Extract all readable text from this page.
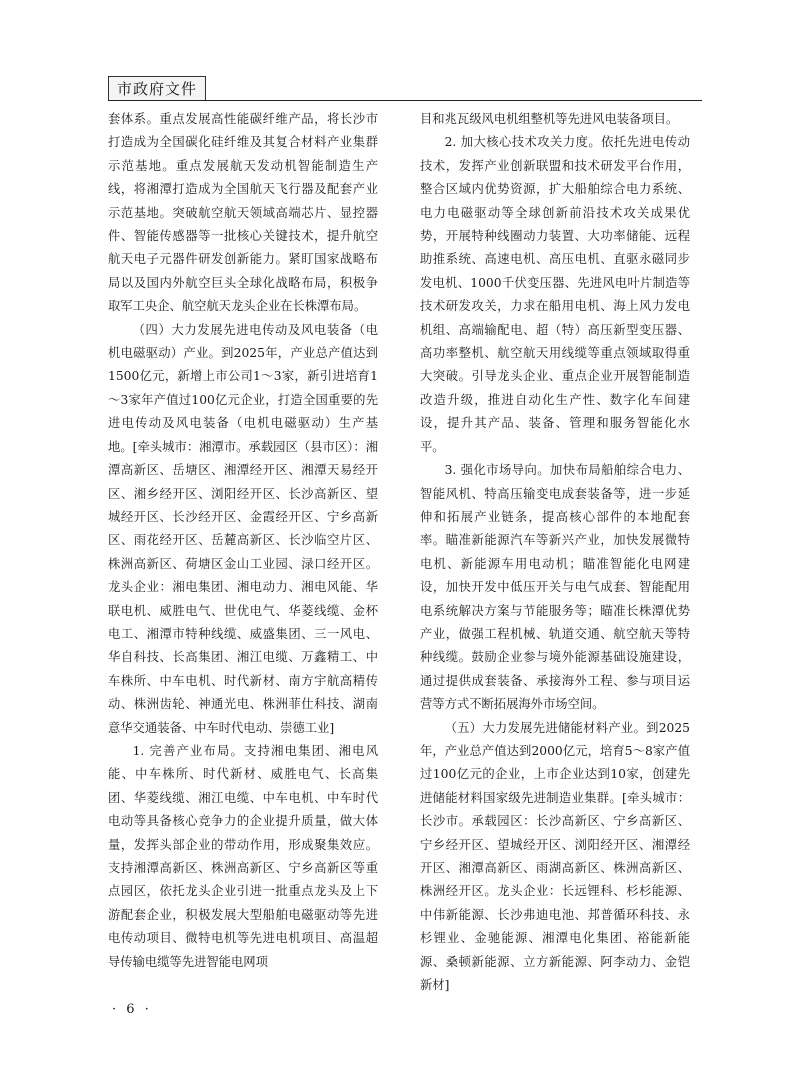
市政府文件

套体系。重点发展高性能碳纤维产品，将长沙市打造成为全国碳化硅纤维及其复合材料产业集群示范基地。重点发展航天发动机智能制造生产线，将湘潭打造成为全国航天飞行器及配套产业示范基地。突破航空航天领域高端芯片、显控器件、智能传感器等一批核心关键技术，提升航空航天电子元器件研发创新能力。紧盯国家战略布局以及国内外航空巨头全球化战略布局，积极争取军工央企、航空航天龙头企业在长株潭布局。

（四）大力发展先进电传动及风电装备（电机电磁驱动）产业。到2025年，产业总产值达到1500亿元，新增上市公司1～3家，新引进培育1～3家年产值过100亿元企业，打造全国重要的先进电传动及风电装备（电机电磁驱动）生产基地。[牵头城市：湘潭市。承载园区（县市区）：湘潭高新区、岳塘区、湘潭经开区、湘潭天易经开区、湘乡经开区、浏阳经开区、长沙高新区、望城经开区、长沙经开区、金霞经开区、宁乡高新区、雨花经开区、岳麓高新区、长沙临空片区、株洲高新区、荷塘区金山工业园、渌口经开区。龙头企业：湘电集团、湘电动力、湘电风能、华联电机、威胜电气、世优电气、华菱线缆、金杯电工、湘潭市特种线缆、威盛集团、三一风电、华自科技、长高集团、湘江电缆、万鑫精工、中车株所、中车电机、时代新材、南方宇航高精传动、株洲齿轮、神通光电、株洲菲仕科技、湖南意华交通装备、中车时代电动、崇德工业]

1. 完善产业布局。支持湘电集团、湘电风能、中车株所、时代新材、威胜电气、长高集团、华菱线缆、湘江电缆、中车电机、中车时代电动等具备核心竞争力的企业提升质量，做大体量，发挥头部企业的带动作用，形成聚集效应。支持湘潭高新区、株洲高新区、宁乡高新区等重点园区，依托龙头企业引进一批重点龙头及上下游配套企业，积极发展大型船舶电磁驱动等先进电传动项目、微特电机等先进电机项目、高温超导传输电缆等先进智能电网项

目和兆瓦级风电机组整机等先进风电装备项目。

2. 加大核心技术攻关力度。依托先进电传动技术，发挥产业创新联盟和技术研发平台作用，整合区域内优势资源，扩大船舶综合电力系统、电力电磁驱动等全球创新前沿技术攻关成果优势，开展特种线圈动力装置、大功率储能、远程助推系统、高速电机、高压电机、直驱永磁同步发电机、1000千伏变压器、先进风电叶片制造等技术研发攻关，力求在船用电机、海上风力发电机组、高端输配电、超（特）高压新型变压器、高功率整机、航空航天用线缆等重点领域取得重大突破。引导龙头企业、重点企业开展智能制造改造升级，推进自动化生产性、数字化车间建设，提升其产品、装备、管理和服务智能化水平。

3. 强化市场导向。加快布局船舶综合电力、智能风机、特高压输变电成套装备等，进一步延伸和拓展产业链条，提高核心部件的本地配套率。瞄准新能源汽车等新兴产业，加快发展微特电机、新能源车用电动机；瞄准智能化电网建设，加快开发中低压开关与电气成套、智能配用电系统解决方案与节能服务等；瞄准长株潭优势产业，做强工程机械、轨道交通、航空航天等特种线缆。鼓励企业参与境外能源基础设施建设，通过提供成套装备、承接海外工程、参与项目运营等方式不断拓展海外市场空间。

（五）大力发展先进储能材料产业。到2025年，产业总产值达到2000亿元，培育5～8家产值过100亿元的企业，上市企业达到10家，创建先进储能材料国家级先进制造业集群。[牵头城市：长沙市。承载园区：长沙高新区、宁乡高新区、宁乡经开区、望城经开区、浏阳经开区、湘潭经开区、湘潭高新区、雨湖高新区、株洲高新区、株洲经开区。龙头企业：长远锂科、杉杉能源、中伟新能源、长沙弗迪电池、邦普循环科技、永杉锂业、金驰能源、湘潭电化集团、裕能新能源、桑顿新能源、立方新能源、阿李动力、金铠新材]

· 6 ·
